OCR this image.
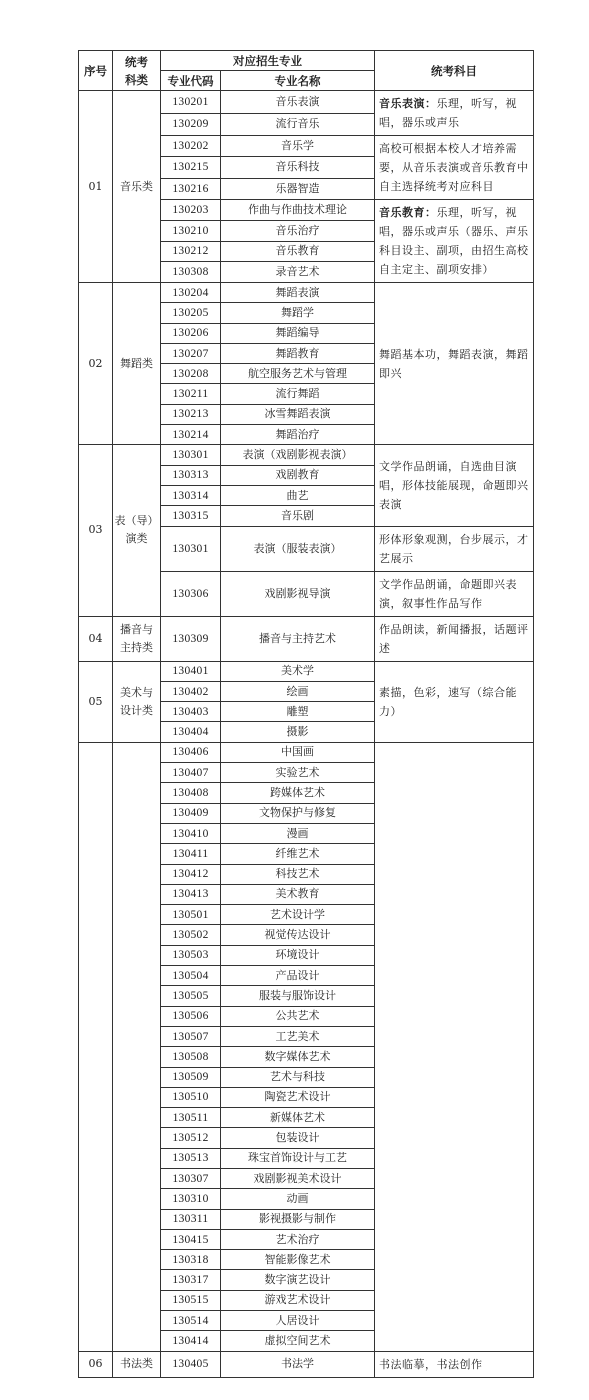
序号	统考
科类	对应招生专业		统考科目
		专业代码	专业名称	
01	音乐类	130201	音乐表演	音乐表演：乐理，听写，视唱，器乐或声乐
		130209	流行音乐	
		130202	音乐学	高校可根据本校人才培养需要，从音乐表演或音乐教育中自主选择统考对应科目
		130215	音乐科技	
		130216	乐器智造	
		130203	作曲与作曲技术理论	音乐教育：乐理，听写，视唱，器乐或声乐（器乐、声乐科目设主、副项，由招生高校自主定主、副项安排）
		130210	音乐治疗	
		130212	音乐教育	
		130308	录音艺术	
02	舞蹈类	130204	舞蹈表演	舞蹈基本功，舞蹈表演，舞蹈即兴
		130205	舞蹈学	
		130206	舞蹈编导	
		130207	舞蹈教育	
		130208	航空服务艺术与管理	
		130211	流行舞蹈	
		130213	冰雪舞蹈表演	
		130214	舞蹈治疗	
03	表（导）
演类	130301	表演（戏剧影视表演）	文学作品朗诵，自选曲目演唱，形体技能展现，命题即兴表演
		130313	戏剧教育	
		130314	曲艺	
		130315	音乐剧	
		130301	表演（服装表演）	形体形象观测，台步展示，才艺展示
		130306	戏剧影视导演	文学作品朗诵，命题即兴表演，叙事性作品写作
04	播音与
主持类	130309	播音与主持艺术	作品朗读，新闻播报，话题评述
05	美术与
设计类	130401	美术学	素描，色彩，速写（综合能力）
		130402	绘画	
		130403	雕塑	
		130404	摄影	
		130406	中国画	
		130407	实验艺术	
		130408	跨媒体艺术	
		130409	文物保护与修复	
		130410	漫画	
		130411	纤维艺术	
		130412	科技艺术	
		130413	美术教育	
		130501	艺术设计学	
		130502	视觉传达设计	
		130503	环境设计	
		130504	产品设计	
		130505	服装与服饰设计	
		130506	公共艺术	
		130507	工艺美术	
		130508	数字媒体艺术	
		130509	艺术与科技	
		130510	陶瓷艺术设计	
		130511	新媒体艺术	
		130512	包装设计	
		130513	珠宝首饰设计与工艺	
		130307	戏剧影视美术设计	
		130310	动画	
		130311	影视摄影与制作	
		130415	艺术治疗	
		130318	智能影像艺术	
		130317	数字演艺设计	
		130515	游戏艺术设计	
		130514	人居设计	
		130414	虚拟空间艺术	
06	书法类	130405	书法学	书法临摹，书法创作
